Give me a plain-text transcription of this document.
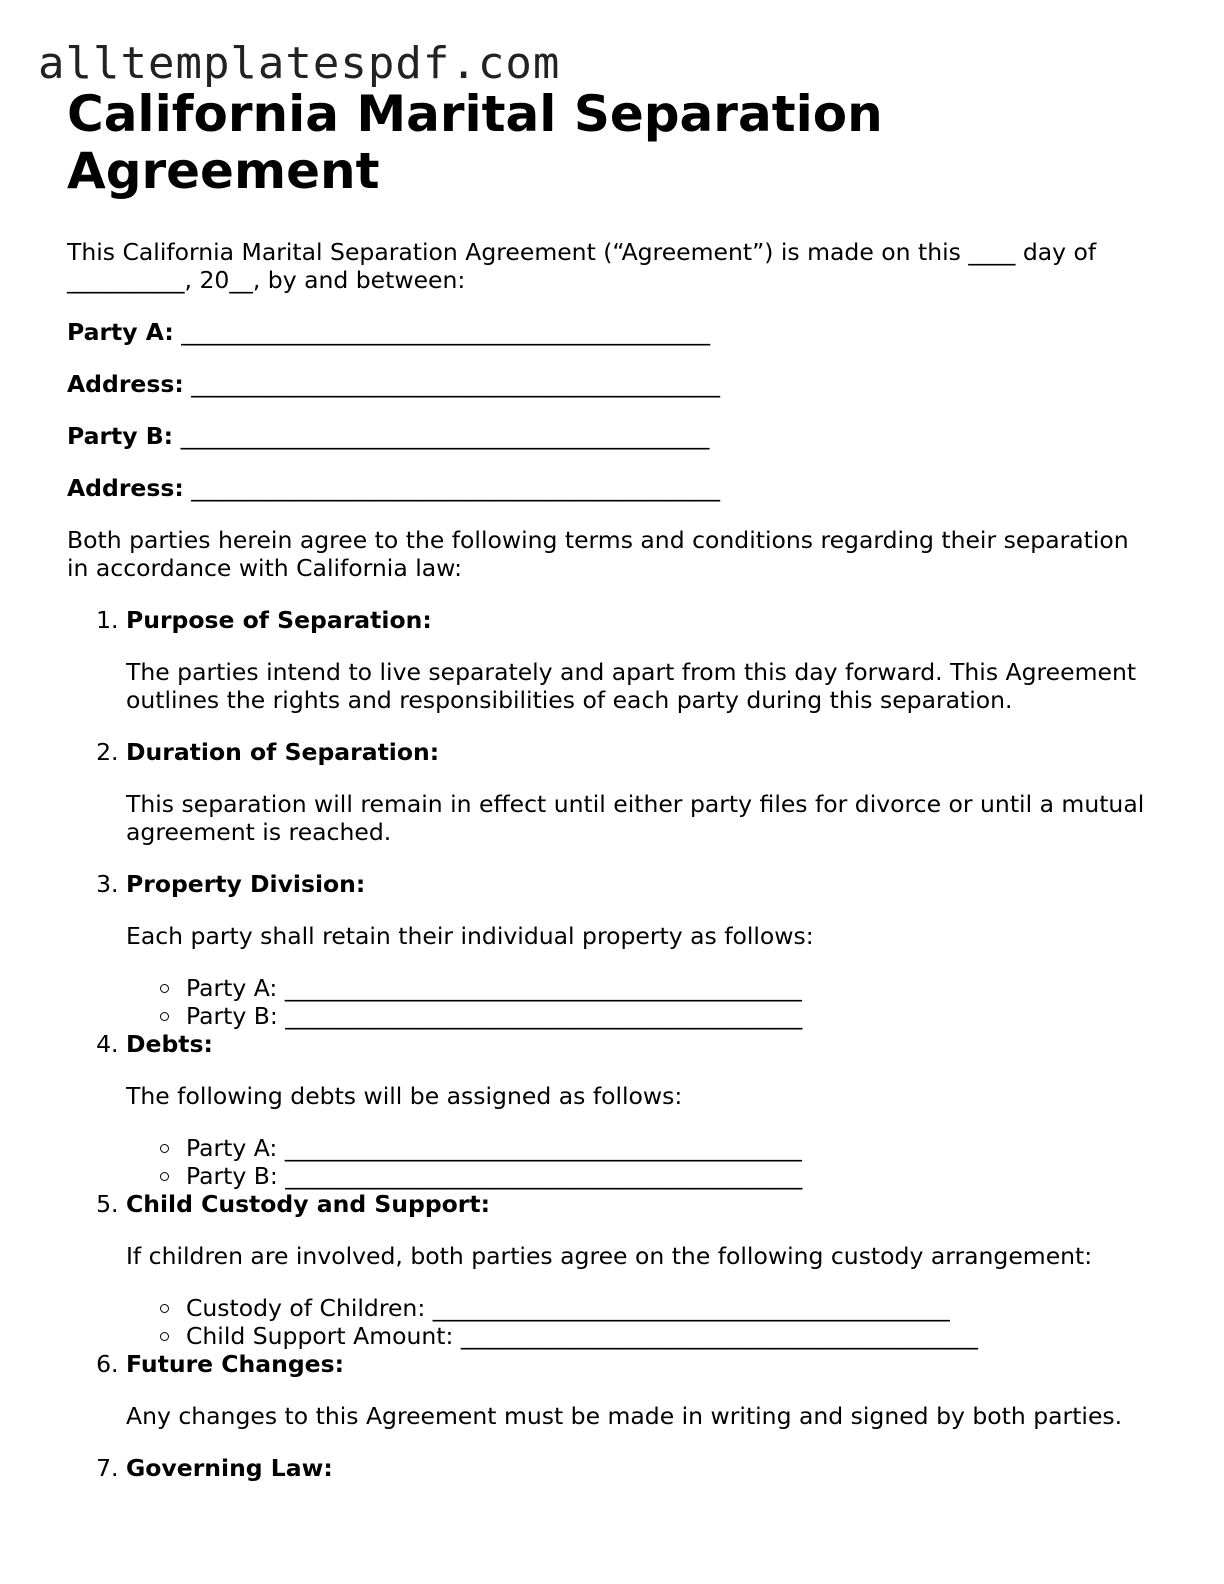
alltemplatespdf.com
California Marital Separation Agreement

This California Marital Separation Agreement (“Agreement”) is made on this ____ day of __________, 20__, by and between:

Party A: _____________________________________________
Address: _____________________________________________
Party B: _____________________________________________
Address: _____________________________________________

Both parties herein agree to the following terms and conditions regarding their separation in accordance with California law:

1. Purpose of Separation:
The parties intend to live separately and apart from this day forward. This Agreement outlines the rights and responsibilities of each party during this separation.
2. Duration of Separation:
This separation will remain in effect until either party files for divorce or until a mutual agreement is reached.
3. Property Division:
Each party shall retain their individual property as follows:
Party A: ____________________________________________
Party B: ____________________________________________
4. Debts:
The following debts will be assigned as follows:
Party A: ____________________________________________
Party B: ____________________________________________
5. Child Custody and Support:
If children are involved, both parties agree on the following custody arrangement:
Custody of Children: ____________________________________________
Child Support Amount: ____________________________________________
6. Future Changes:
Any changes to this Agreement must be made in writing and signed by both parties.
7. Governing Law:
